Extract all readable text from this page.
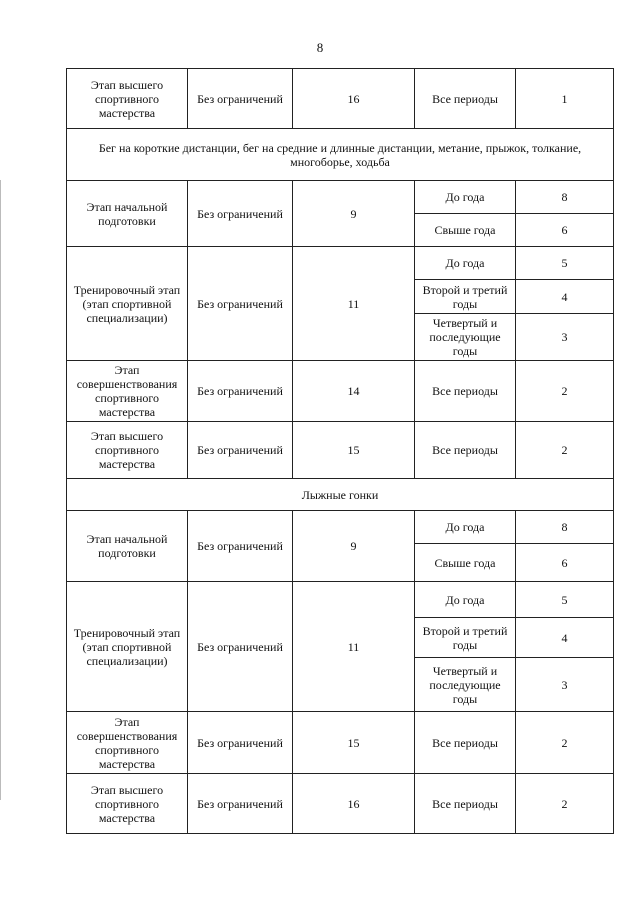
8
Этап высшего спортивного мастерства	Без ограничений	16	Все периоды	1
Бег на короткие дистанции, бег на средние и длинные дистанции, метание, прыжок, толкание, многоборье, ходьба				
Этап начальной подготовки	Без ограничений	9	До года	8
			Свыше года	6
Тренировочный этап (этап спортивной специализации)	Без ограничений	11	До года	5
			Второй и третий годы	4
			Четвертый и последующие годы	3
Этап совершенствования спортивного мастерства	Без ограничений	14	Все периоды	2
Этап высшего спортивного мастерства	Без ограничений	15	Все периоды	2
Лыжные гонки				
Этап начальной подготовки	Без ограничений	9	До года	8
			Свыше года	6
Тренировочный этап (этап спортивной специализации)	Без ограничений	11	До года	5
			Второй и третий годы	4
			Четвертый и последующие годы	3
Этап совершенствования спортивного мастерства	Без ограничений	15	Все периоды	2
Этап высшего спортивного мастерства	Без ограничений	16	Все периоды	2
